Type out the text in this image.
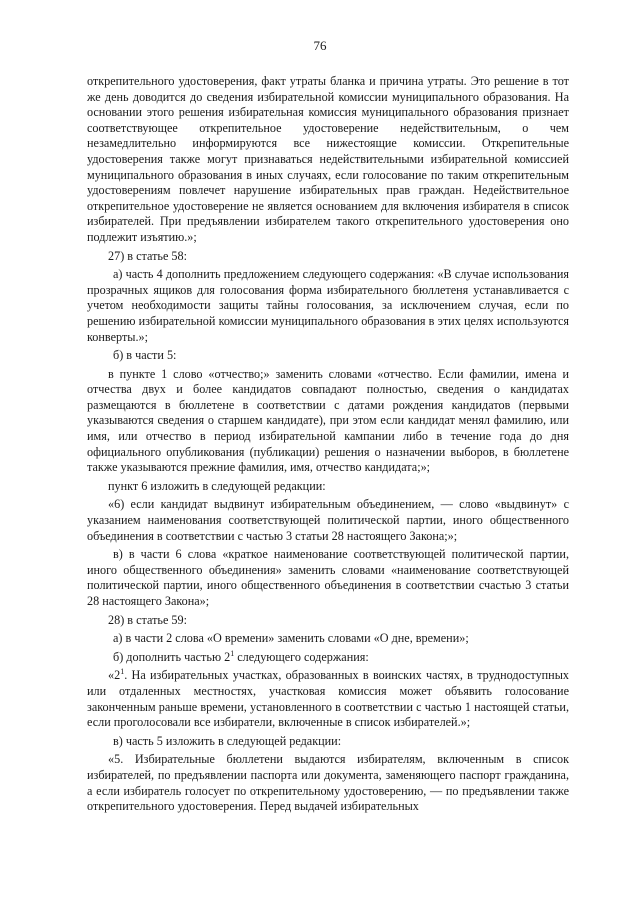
76

открепительного удостоверения, факт утраты бланка и причина утраты. Это решение в тот же день доводится до сведения избирательной комиссии муниципального образования. На основании этого решения избирательная комиссия муниципального образования признает соответствующее открепительное удостоверение недействительным, о чем незамедлительно информируются все нижестоящие комиссии. Открепительные удостоверения также могут признаваться недействительными избирательной комиссией муниципального образования в иных случаях, если голосование по таким открепительным удостоверениям повлечет нарушение избирательных прав граждан. Недействительное открепительное удостоверение не является основанием для включения избирателя в список избирателей. При предъявлении избирателем такого открепительного удостоверения оно подлежит изъятию.»;

27) в статье 58:

а) часть 4 дополнить предложением следующего содержания: «В случае использования прозрачных ящиков для голосования форма избирательного бюллетеня устанавливается с учетом необходимости защиты тайны голосования, за исключением случая, если по решению избирательной комиссии муниципального образования в этих целях используются конверты.»;

б) в части 5:

в пункте 1 слово «отчество;» заменить словами «отчество. Если фамилии, имена и отчества двух и более кандидатов совпадают полностью, сведения о кандидатах размещаются в бюллетене в соответствии с датами рождения кандидатов (первыми указываются сведения о старшем кандидате), при этом если кандидат менял фамилию, или имя, или отчество в период избирательной кампании либо в течение года до дня официального опубликования (публикации) решения о назначении выборов, в бюллетене также указываются прежние фамилия, имя, отчество кандидата;»;

пункт 6 изложить в следующей редакции:

«6) если кандидат выдвинут избирательным объединением, — слово «выдвинут» с указанием наименования соответствующей политической партии, иного общественного объединения в соответствии с частью 3 статьи 28 настоящего Закона;»;

в) в части 6 слова «краткое наименование соответствующей политической партии, иного общественного объединения» заменить словами «наименование соответствующей политической партии, иного общественного объединения в соответствии счастью 3 статьи 28 настоящего Закона»;

28) в статье 59:

а) в части 2 слова «О времени» заменить словами «О дне, времени»;

б) дополнить частью $2^1$ следующего содержания:

«$2^1$. На избирательных участках, образованных в воинских частях, в труднодоступных или отдаленных местностях, участковая комиссия может объявить голосование законченным раньше времени, установленного в соответствии с частью 1 настоящей статьи, если проголосовали все избиратели, включенные в список избирателей.»;

в) часть 5 изложить в следующей редакции:

«5. Избирательные бюллетени выдаются избирателям, включенным в список избирателей, по предъявлении паспорта или документа, заменяющего паспорт гражданина, а если избиратель голосует по открепительному удостоверению, — по предъявлении также открепительного удостоверения. Перед выдачей избирательных
